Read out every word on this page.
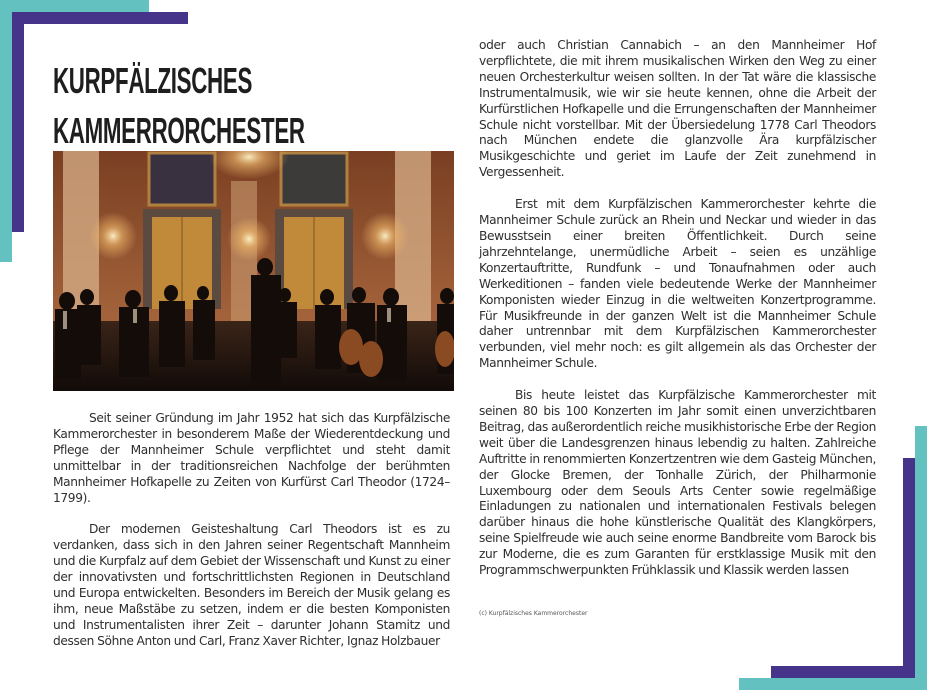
KURPFÄLZISCHES
KAMMERRORCHESTER

Seit seiner Gründung im Jahr 1952 hat sich das Kurpfälzische Kammerorchester in besonderem Maße der Wiederentdeckung und Pflege der Mannheimer Schule verpflichtet und steht damit unmittelbar in der traditionsreichen Nachfolge der berühmten Mannheimer Hofkapelle zu Zeiten von Kurfürst Carl Theodor (1724–1799).

Der modernen Geisteshaltung Carl Theodors ist es zu verdanken, dass sich in den Jahren seiner Regentschaft Mannheim und die Kurpfalz auf dem Gebiet der Wissenschaft und Kunst zu einer der innovativsten und fortschrittlichsten Regionen in Deutschland und Europa entwickelten. Besonders im Bereich der Musik gelang es ihm, neue Maßstäbe zu setzen, indem er die besten Komponisten und Instrumentalisten ihrer Zeit – darunter Johann Stamitz und dessen Söhne Anton und Carl, Franz Xaver Richter, Ignaz Holzbauer

oder auch Christian Cannabich – an den Mannheimer Hof verpflichtete, die mit ihrem musikalischen Wirken den Weg zu einer neuen Orchesterkultur weisen sollten. In der Tat wäre die klassische Instrumentalmusik, wie wir sie heute kennen, ohne die Arbeit der Kurfürstlichen Hofkapelle und die Errungenschaften der Mannheimer Schule nicht vorstellbar. Mit der Übersiedelung 1778 Carl Theodors nach München endete die glanzvolle Ära kurpfälzischer Musikgeschichte und geriet im Laufe der Zeit zunehmend in Vergessenheit.

Erst mit dem Kurpfälzischen Kammerorchester kehrte die Mannheimer Schule zurück an Rhein und Neckar und wieder in das Bewusstsein einer breiten Öffentlichkeit. Durch seine jahrzehntelange, unermüdliche Arbeit – seien es unzählige Konzertauftritte, Rundfunk – und Tonaufnahmen oder auch Werkeditionen – fanden viele bedeutende Werke der Mannheimer Komponisten wieder Einzug in die weltweiten Konzertprogramme. Für Musikfreunde in der ganzen Welt ist die Mannheimer Schule daher untrennbar mit dem Kurpfälzischen Kammerorchester verbunden, viel mehr noch: es gilt allgemein als das Orchester der Mannheimer Schule.

Bis heute leistet das Kurpfälzische Kammerorchester mit seinen 80 bis 100 Konzerten im Jahr somit einen unverzichtbaren Beitrag, das außerordentlich reiche musikhistorische Erbe der Region weit über die Landesgrenzen hinaus lebendig zu halten. Zahlreiche Auftritte in renommierten Konzertzentren wie dem Gasteig München, der Glocke Bremen, der Tonhalle Zürich, der Philharmonie Luxembourg oder dem Seouls Arts Center sowie regelmäßige Einladungen zu nationalen und internationalen Festivals belegen darüber hinaus die hohe künstlerische Qualität des Klangkörpers, seine Spielfreude wie auch seine enorme Bandbreite vom Barock bis zur Moderne, die es zum Garanten für erstklassige Musik mit den Programmschwerpunkten Frühklassik und Klassik werden lassen

(c) Kurpfälzisches Kammerorchester
